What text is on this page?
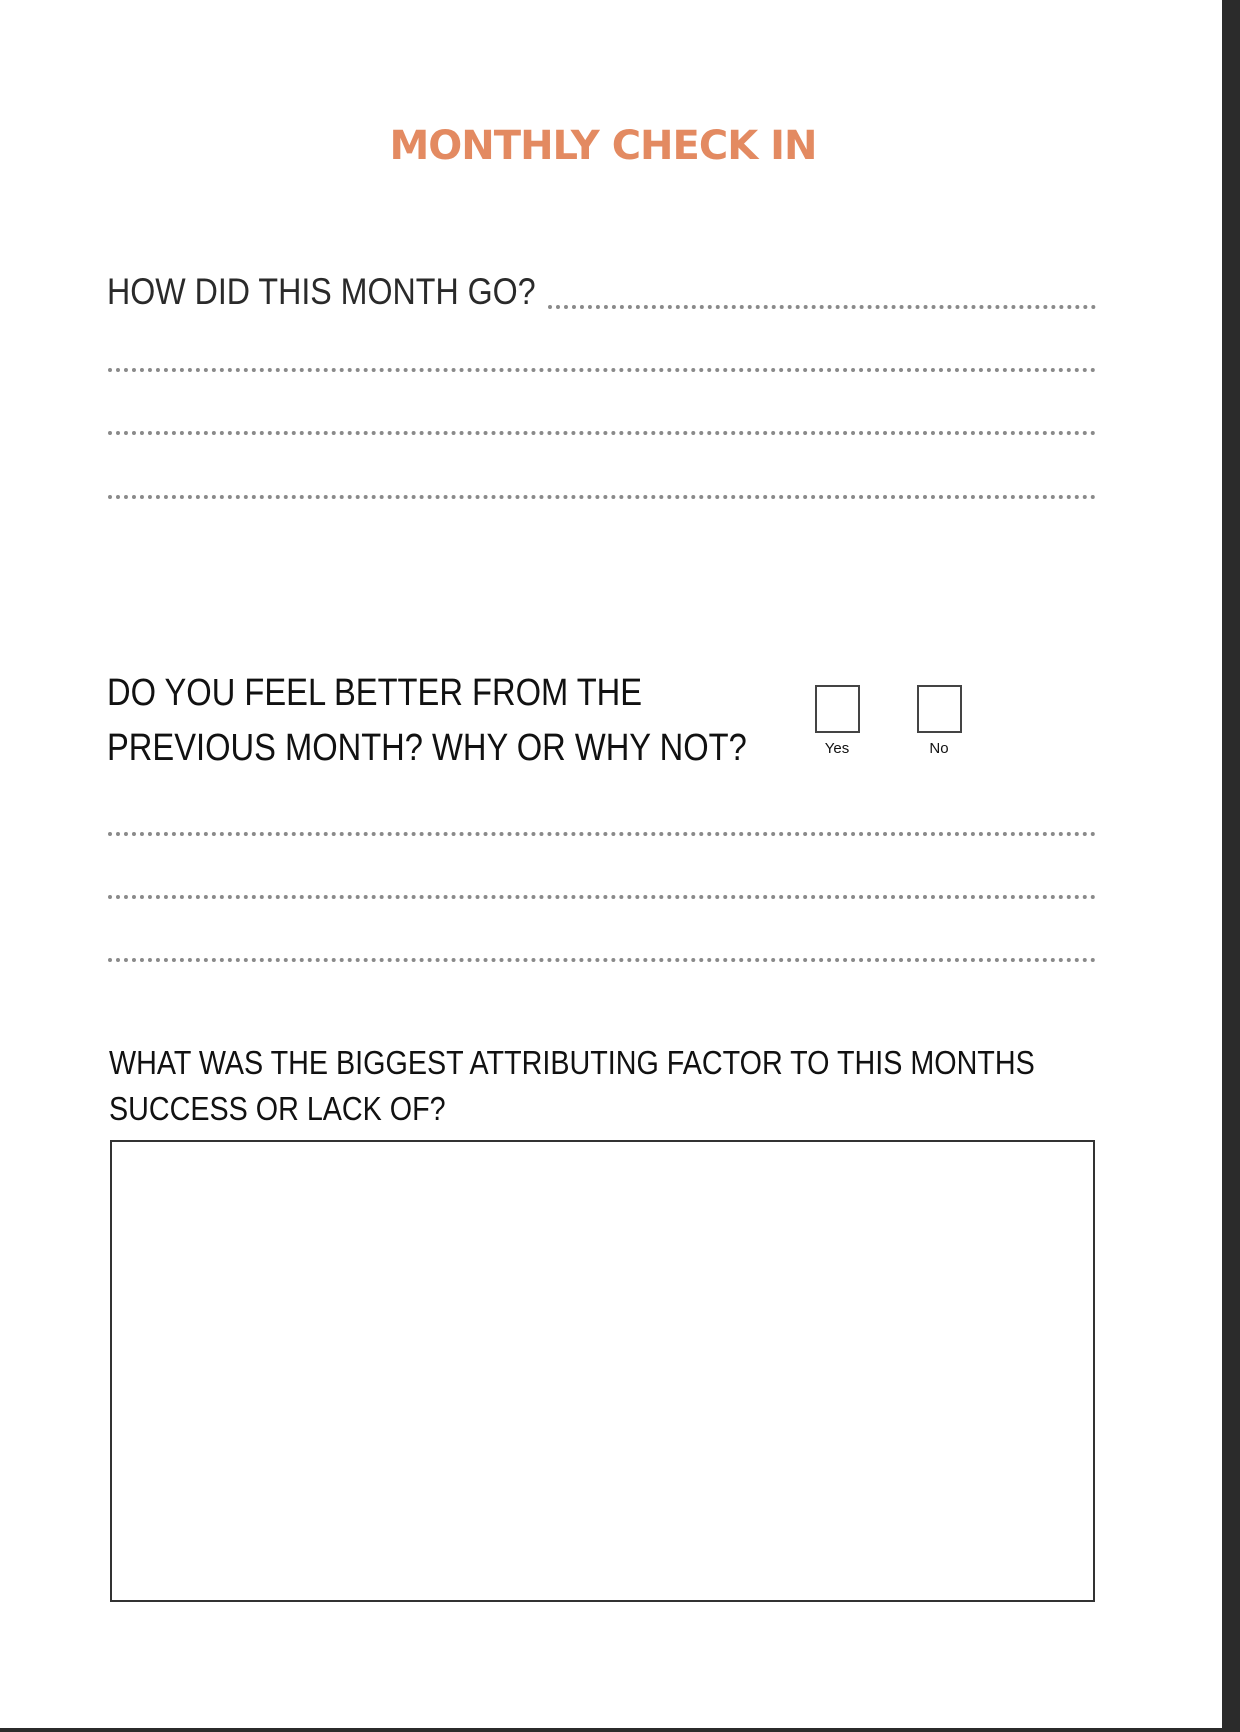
MONTHLY CHECK IN
HOW DID THIS MONTH GO?
DO YOU FEEL BETTER FROM THE
PREVIOUS MONTH? WHY OR WHY NOT?	Yes	No
WHAT WAS THE BIGGEST ATTRIBUTING FACTOR TO THIS MONTHS
SUCCESS OR LACK OF?
